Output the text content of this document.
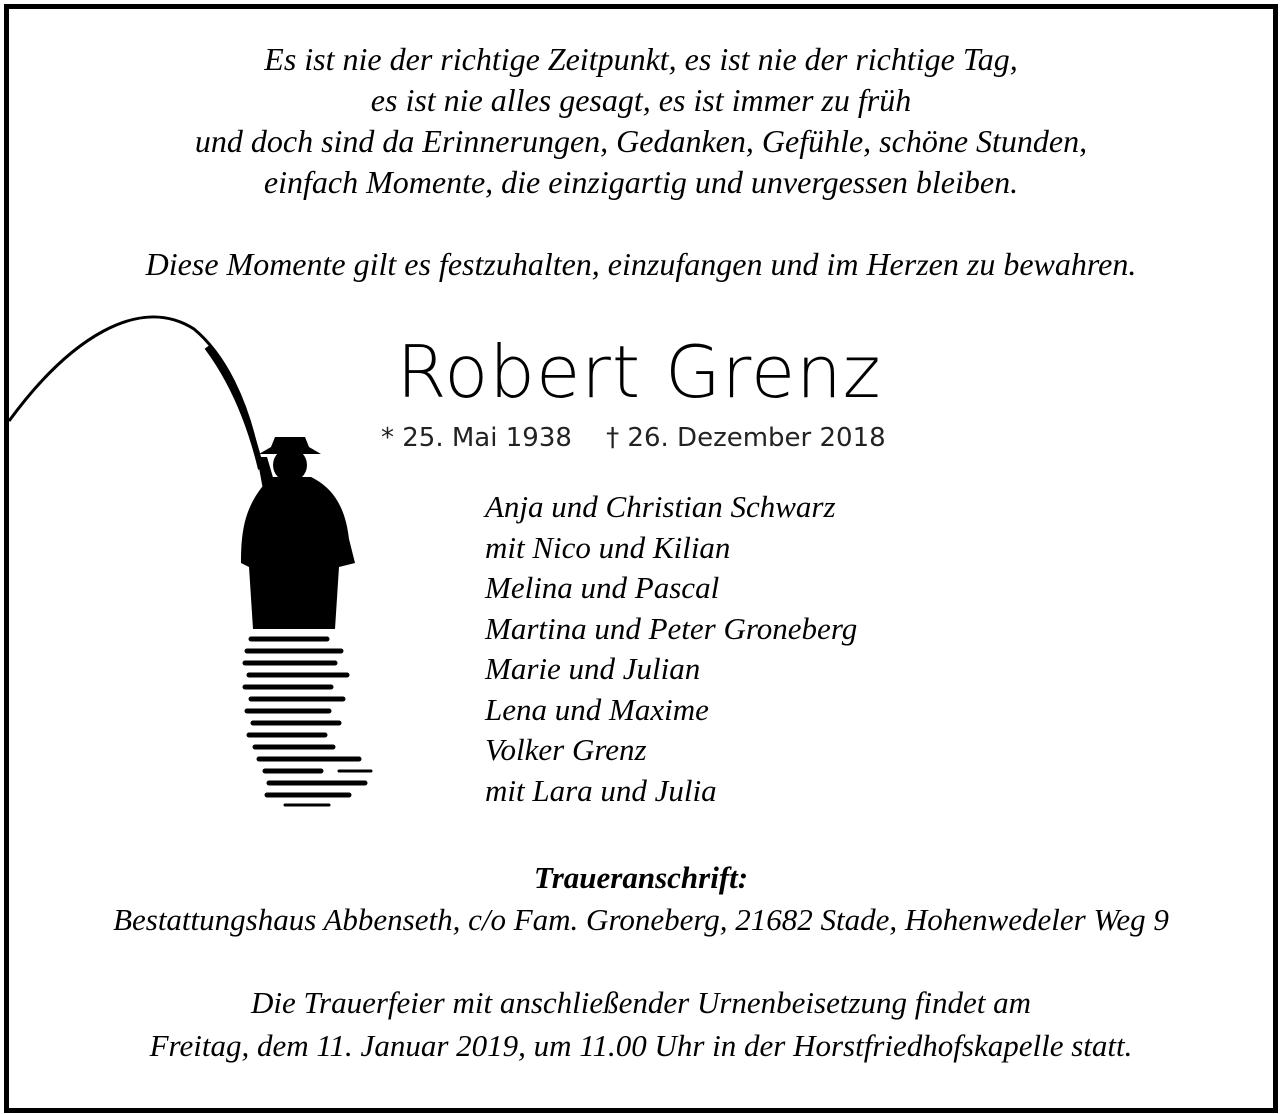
Es ist nie der richtige Zeitpunkt, es ist nie der richtige Tag,
es ist nie alles gesagt, es ist immer zu früh
und doch sind da Erinnerungen, Gedanken, Gefühle, schöne Stunden,
einfach Momente, die einzigartig und unvergessen bleiben.
Diese Momente gilt es festzuhalten, einzufangen und im Herzen zu bewahren.
Robert Grenz
* 25. Mai 1938 † 26. Dezember 2018
Anja und Christian Schwarz
mit Nico und Kilian
Melina und Pascal
Martina und Peter Groneberg
Marie und Julian
Lena und Maxime
Volker Grenz
mit Lara und Julia
Traueranschrift:
Bestattungshaus Abbenseth, c/o Fam. Groneberg, 21682 Stade, Hohenwedeler Weg 9
Die Trauerfeier mit anschließender Urnenbeisetzung findet am
Freitag, dem 11. Januar 2019, um 11.00 Uhr in der Horstfriedhofskapelle statt.
